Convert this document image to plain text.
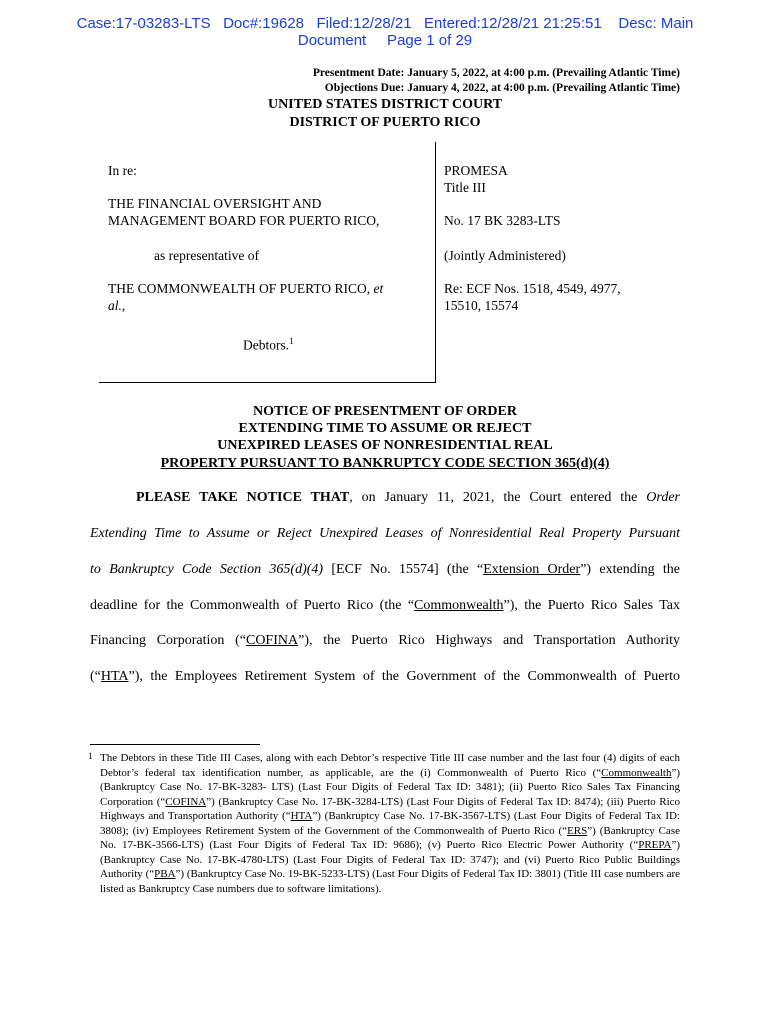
Case:17-03283-LTS   Doc#:19628   Filed:12/28/21   Entered:12/28/21 21:25:51    Desc: Main
Document     Page 1 of 29
Presentment Date: January 5, 2022, at 4:00 p.m. (Prevailing Atlantic Time)
Objections Due: January 4, 2022, at 4:00 p.m. (Prevailing Atlantic Time)
UNITED STATES DISTRICT COURT
DISTRICT OF PUERTO RICO
In re:
THE FINANCIAL OVERSIGHT AND
MANAGEMENT BOARD FOR PUERTO RICO,
as representative of
THE COMMONWEALTH OF PUERTO RICO, et
al.,
Debtors.$^1$
PROMESA
Title III
No. 17 BK 3283-LTS
(Jointly Administered)
Re: ECF Nos. 1518, 4549, 4977,
15510, 15574
NOTICE OF PRESENTMENT OF ORDER
EXTENDING TIME TO ASSUME OR REJECT
UNEXPIRED LEASES OF NONRESIDENTIAL REAL
PROPERTY PURSUANT TO BANKRUPTCY CODE SECTION 365(d)(4)
PLEASE TAKE NOTICE THAT, on January 11, 2021, the Court entered the Order
Extending Time to Assume or Reject Unexpired Leases of Nonresidential Real Property Pursuant
to Bankruptcy Code Section 365(d)(4) [ECF No. 15574] (the “Extension Order”) extending the
deadline for the Commonwealth of Puerto Rico (the “Commonwealth”), the Puerto Rico Sales Tax
Financing Corporation (“COFINA”), the Puerto Rico Highways and Transportation Authority
(“HTA”), the Employees Retirement System of the Government of the Commonwealth of Puerto
1 The Debtors in these Title III Cases, along with each Debtor’s respective Title III case number and the last four (4) digits of each Debtor’s federal tax identification number, as applicable, are the (i) Commonwealth of Puerto Rico (“Commonwealth”) (Bankruptcy Case No. 17-BK-3283- LTS) (Last Four Digits of Federal Tax ID: 3481); (ii) Puerto Rico Sales Tax Financing Corporation (“COFINA”) (Bankruptcy Case No. 17-BK-3284-LTS) (Last Four Digits of Federal Tax ID: 8474); (iii) Puerto Rico Highways and Transportation Authority (“HTA”) (Bankruptcy Case No. 17-BK-3567-LTS) (Last Four Digits of Federal Tax ID: 3808); (iv) Employees Retirement System of the Government of the Commonwealth of Puerto Rico (“ERS”) (Bankruptcy Case No. 17-BK-3566-LTS) (Last Four Digits of Federal Tax ID: 9686); (v) Puerto Rico Electric Power Authority (“PREPA”) (Bankruptcy Case No. 17-BK-4780-LTS) (Last Four Digits of Federal Tax ID: 3747); and (vi) Puerto Rico Public Buildings Authority (“PBA”) (Bankruptcy Case No. 19-BK-5233-LTS) (Last Four Digits of Federal Tax ID: 3801) (Title III case numbers are listed as Bankruptcy Case numbers due to software limitations).
